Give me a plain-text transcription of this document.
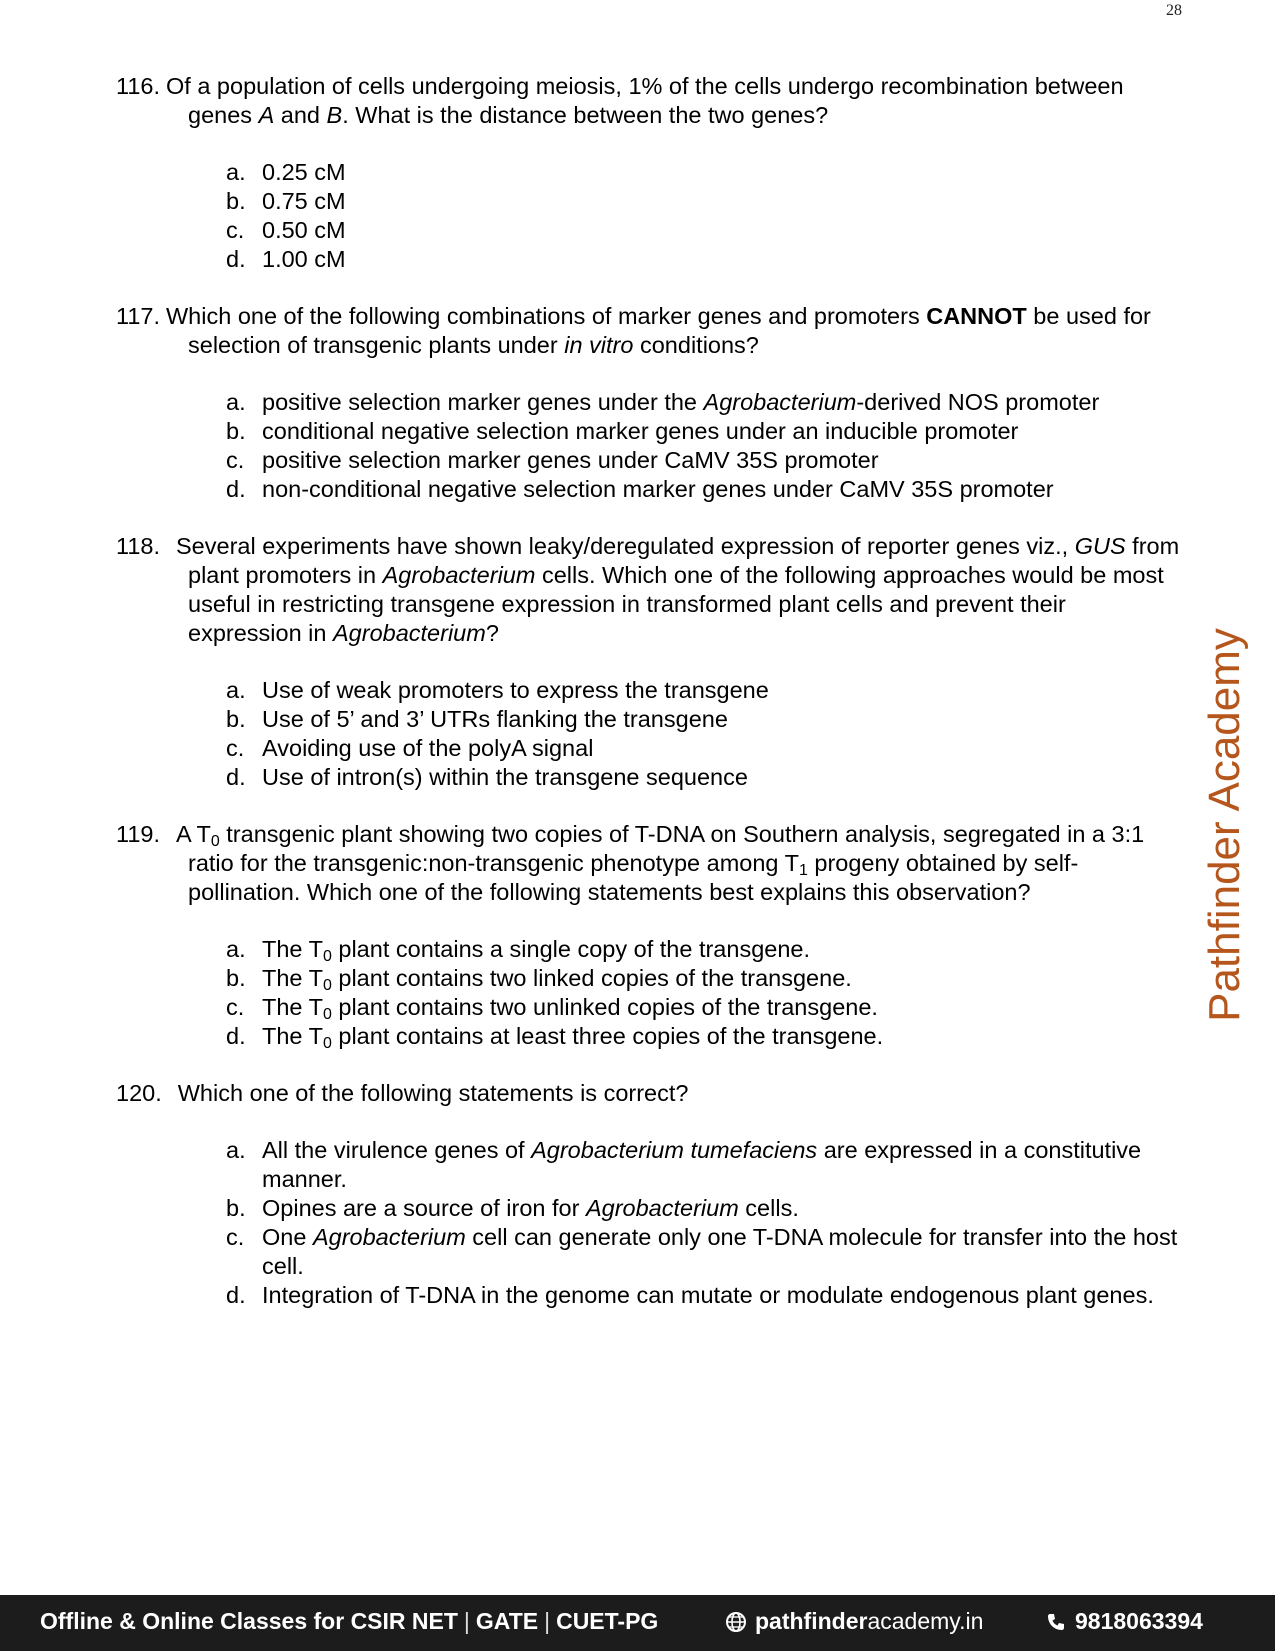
28
116. Of a population of cells undergoing meiosis, 1% of the cells undergo recombination between genes A and B. What is the distance between the two genes?
a. 0.25 cM
b. 0.75 cM
c. 0.50 cM
d. 1.00 cM
117. Which one of the following combinations of marker genes and promoters CANNOT be used for selection of transgenic plants under in vitro conditions?
a. positive selection marker genes under the Agrobacterium-derived NOS promoter
b. conditional negative selection marker genes under an inducible promoter
c. positive selection marker genes under CaMV 35S promoter
d. non-conditional negative selection marker genes under CaMV 35S promoter
118. Several experiments have shown leaky/deregulated expression of reporter genes viz., GUS from plant promoters in Agrobacterium cells. Which one of the following approaches would be most useful in restricting transgene expression in transformed plant cells and prevent their expression in Agrobacterium?
a. Use of weak promoters to express the transgene
b. Use of 5’ and 3’ UTRs flanking the transgene
c. Avoiding use of the polyA signal
d. Use of intron(s) within the transgene sequence
119. A $T_0$ transgenic plant showing two copies of T-DNA on Southern analysis, segregated in a 3:1 ratio for the transgenic:non-transgenic phenotype among $T_1$ progeny obtained by self-pollination. Which one of the following statements best explains this observation?
a. The $T_0$ plant contains a single copy of the transgene.
b. The $T_0$ plant contains two linked copies of the transgene.
c. The $T_0$ plant contains two unlinked copies of the transgene.
d. The $T_0$ plant contains at least three copies of the transgene.
120. Which one of the following statements is correct?
a. All the virulence genes of Agrobacterium tumefaciens are expressed in a constitutive manner.
b. Opines are a source of iron for Agrobacterium cells.
c. One Agrobacterium cell can generate only one T-DNA molecule for transfer into the host cell.
d. Integration of T-DNA in the genome can mutate or modulate endogenous plant genes.
Pathfinder Academy
Offline & Online Classes for CSIR NET | GATE | CUET-PG	pathfinder academy.in	9818063394
